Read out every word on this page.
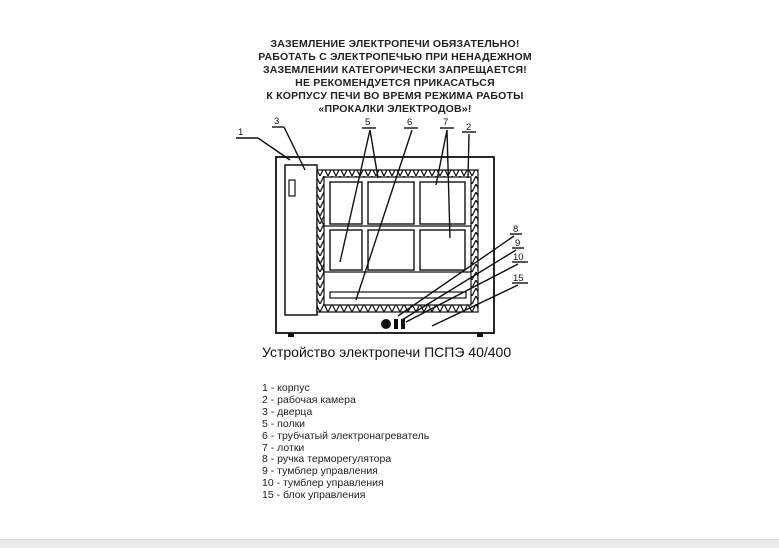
ЗАЗЕМЛЕНИЕ ЭЛЕКТРОПЕЧИ ОБЯЗАТЕЛЬНО!
РАБОТАТЬ С ЭЛЕКТРОПЕЧЬЮ ПРИ НЕНАДЕЖНОМ
ЗАЗЕМЛЕНИИ КАТЕГОРИЧЕСКИ ЗАПРЕЩАЕТСЯ!
НЕ РЕКОМЕНДУЕТСЯ ПРИКАСАТЬСЯ
К КОРПУСУ ПЕЧИ ВО ВРЕМЯ РЕЖИМА РАБОТЫ
«ПРОКАЛКИ ЭЛЕКТРОДОВ»!
1
3	5	6	7 2
8
9
10
15
Устройство электропечи ПСПЭ 40/400
1 - корпус
2 - рабочая камера
3 - дверца
5 - полки
6 - трубчатый электронагреватель
7 - лотки
8 - ручка терморегулятора
9 - тумблер управления
10 - тумблер управления
15 - блок управления
